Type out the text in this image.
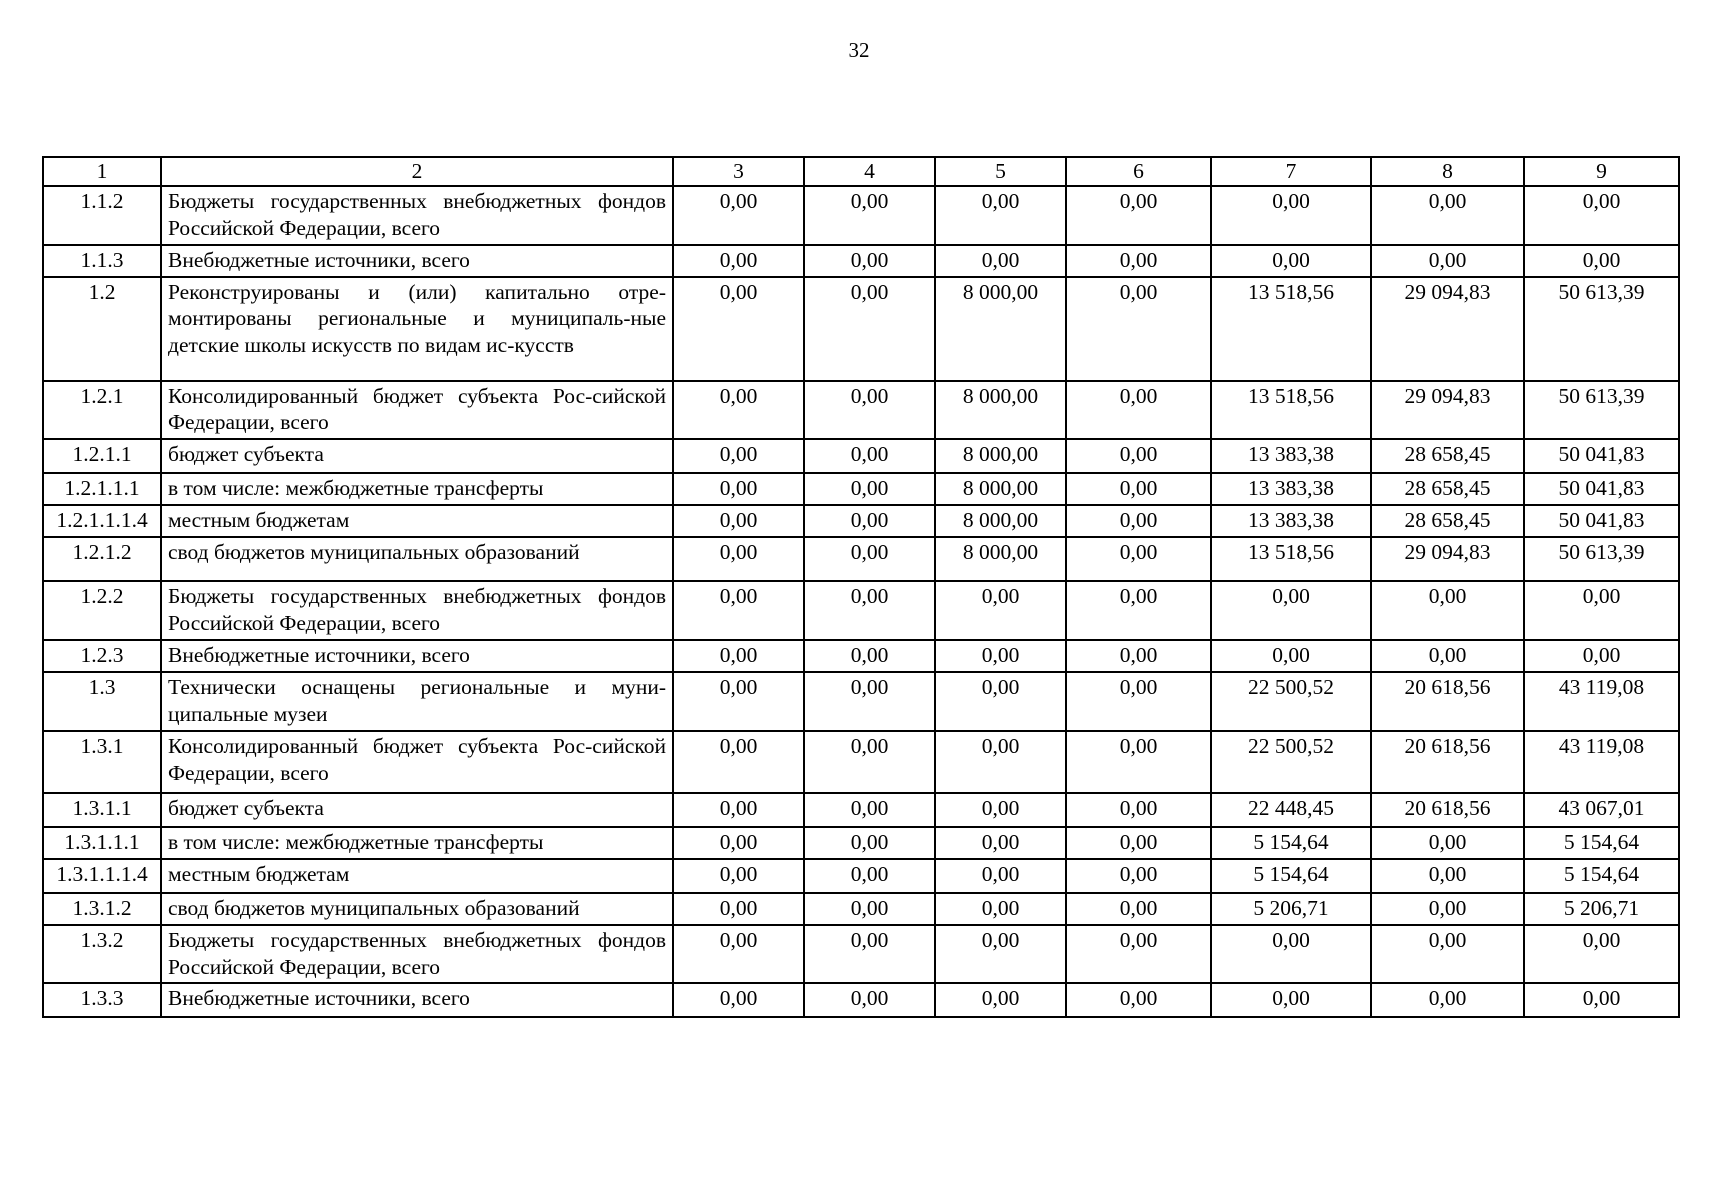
32
1	2	3	4	5	6	7	8	9
1.1.2	Бюджеты государственных внебюджетных фондов Российской Федерации, всего	0,00	0,00	0,00	0,00	0,00	0,00	0,00
1.1.3	Внебюджетные источники, всего	0,00	0,00	0,00	0,00	0,00	0,00	0,00
1.2	Реконструированы и (или) капитально отре-монтированы региональные и муниципаль-ные детские школы искусств по видам ис-кусств	0,00	0,00	8 000,00	0,00	13 518,56	29 094,83	50 613,39
1.2.1	Консолидированный бюджет субъекта Рос-сийской Федерации, всего	0,00	0,00	8 000,00	0,00	13 518,56	29 094,83	50 613,39
1.2.1.1	бюджет субъекта	0,00	0,00	8 000,00	0,00	13 383,38	28 658,45	50 041,83
1.2.1.1.1	в том числе: межбюджетные трансферты	0,00	0,00	8 000,00	0,00	13 383,38	28 658,45	50 041,83
1.2.1.1.1.4	местным бюджетам	0,00	0,00	8 000,00	0,00	13 383,38	28 658,45	50 041,83
1.2.1.2	свод бюджетов муниципальных образований	0,00	0,00	8 000,00	0,00	13 518,56	29 094,83	50 613,39
1.2.2	Бюджеты государственных внебюджетных фондов Российской Федерации, всего	0,00	0,00	0,00	0,00	0,00	0,00	0,00
1.2.3	Внебюджетные источники, всего	0,00	0,00	0,00	0,00	0,00	0,00	0,00
1.3	Технически оснащены региональные и муни-ципальные музеи	0,00	0,00	0,00	0,00	22 500,52	20 618,56	43 119,08
1.3.1	Консолидированный бюджет субъекта Рос-сийской Федерации, всего	0,00	0,00	0,00	0,00	22 500,52	20 618,56	43 119,08
1.3.1.1	бюджет субъекта	0,00	0,00	0,00	0,00	22 448,45	20 618,56	43 067,01
1.3.1.1.1	в том числе: межбюджетные трансферты	0,00	0,00	0,00	0,00	5 154,64	0,00	5 154,64
1.3.1.1.1.4	местным бюджетам	0,00	0,00	0,00	0,00	5 154,64	0,00	5 154,64
1.3.1.2	свод бюджетов муниципальных образований	0,00	0,00	0,00	0,00	5 206,71	0,00	5 206,71
1.3.2	Бюджеты государственных внебюджетных фондов Российской Федерации, всего	0,00	0,00	0,00	0,00	0,00	0,00	0,00
1.3.3	Внебюджетные источники, всего	0,00	0,00	0,00	0,00	0,00	0,00	0,00
